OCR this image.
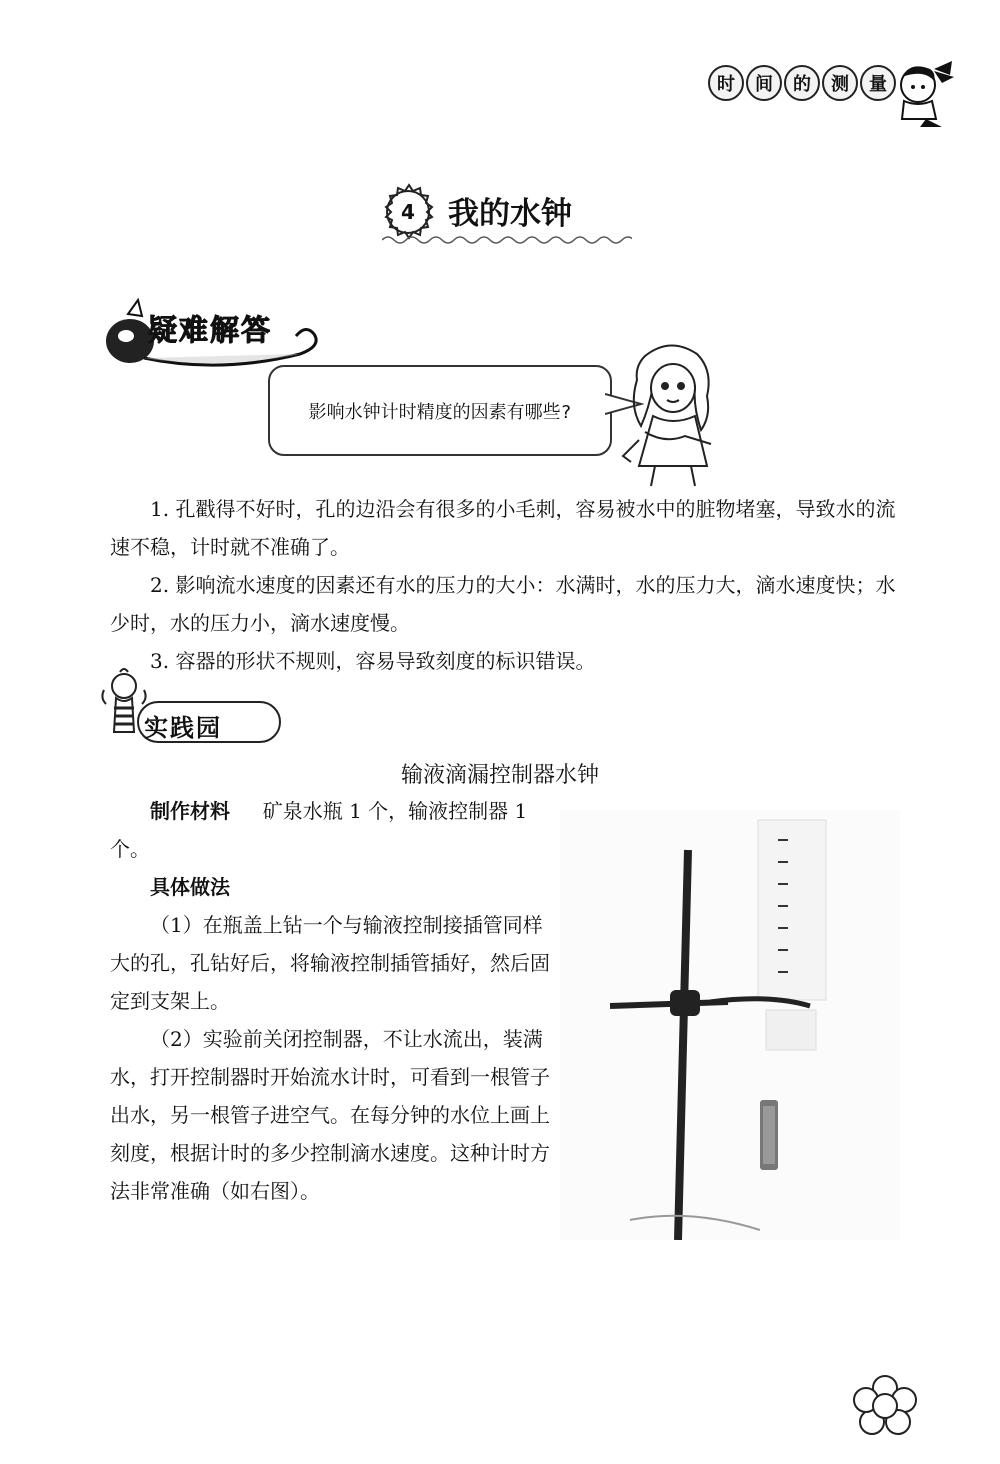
时	间	的	测	量
4	我的水钟
疑难解答
影响水钟计时精度的因素有哪些?
1. 孔戳得不好时，孔的边沿会有很多的小毛刺，容易被水中的脏物堵塞，导致水的流速不稳，计时就不准确了。
2. 影响流水速度的因素还有水的压力的大小：水满时，水的压力大，滴水速度快；水少时，水的压力小，滴水速度慢。
3. 容器的形状不规则，容易导致刻度的标识错误。
实践园
输液滴漏控制器水钟
制作材料   矿泉水瓶 1 个，输液控制器 1 个。
具体做法
（1）在瓶盖上钻一个与输液控制接插管同样大的孔，孔钻好后，将输液控制插管插好，然后固定到支架上。
（2）实验前关闭控制器，不让水流出，装满水，打开控制器时开始流水计时，可看到一根管子出水，另一根管子进空气。在每分钟的水位上画上刻度，根据计时的多少控制滴水速度。这种计时方法非常准确（如右图）。
